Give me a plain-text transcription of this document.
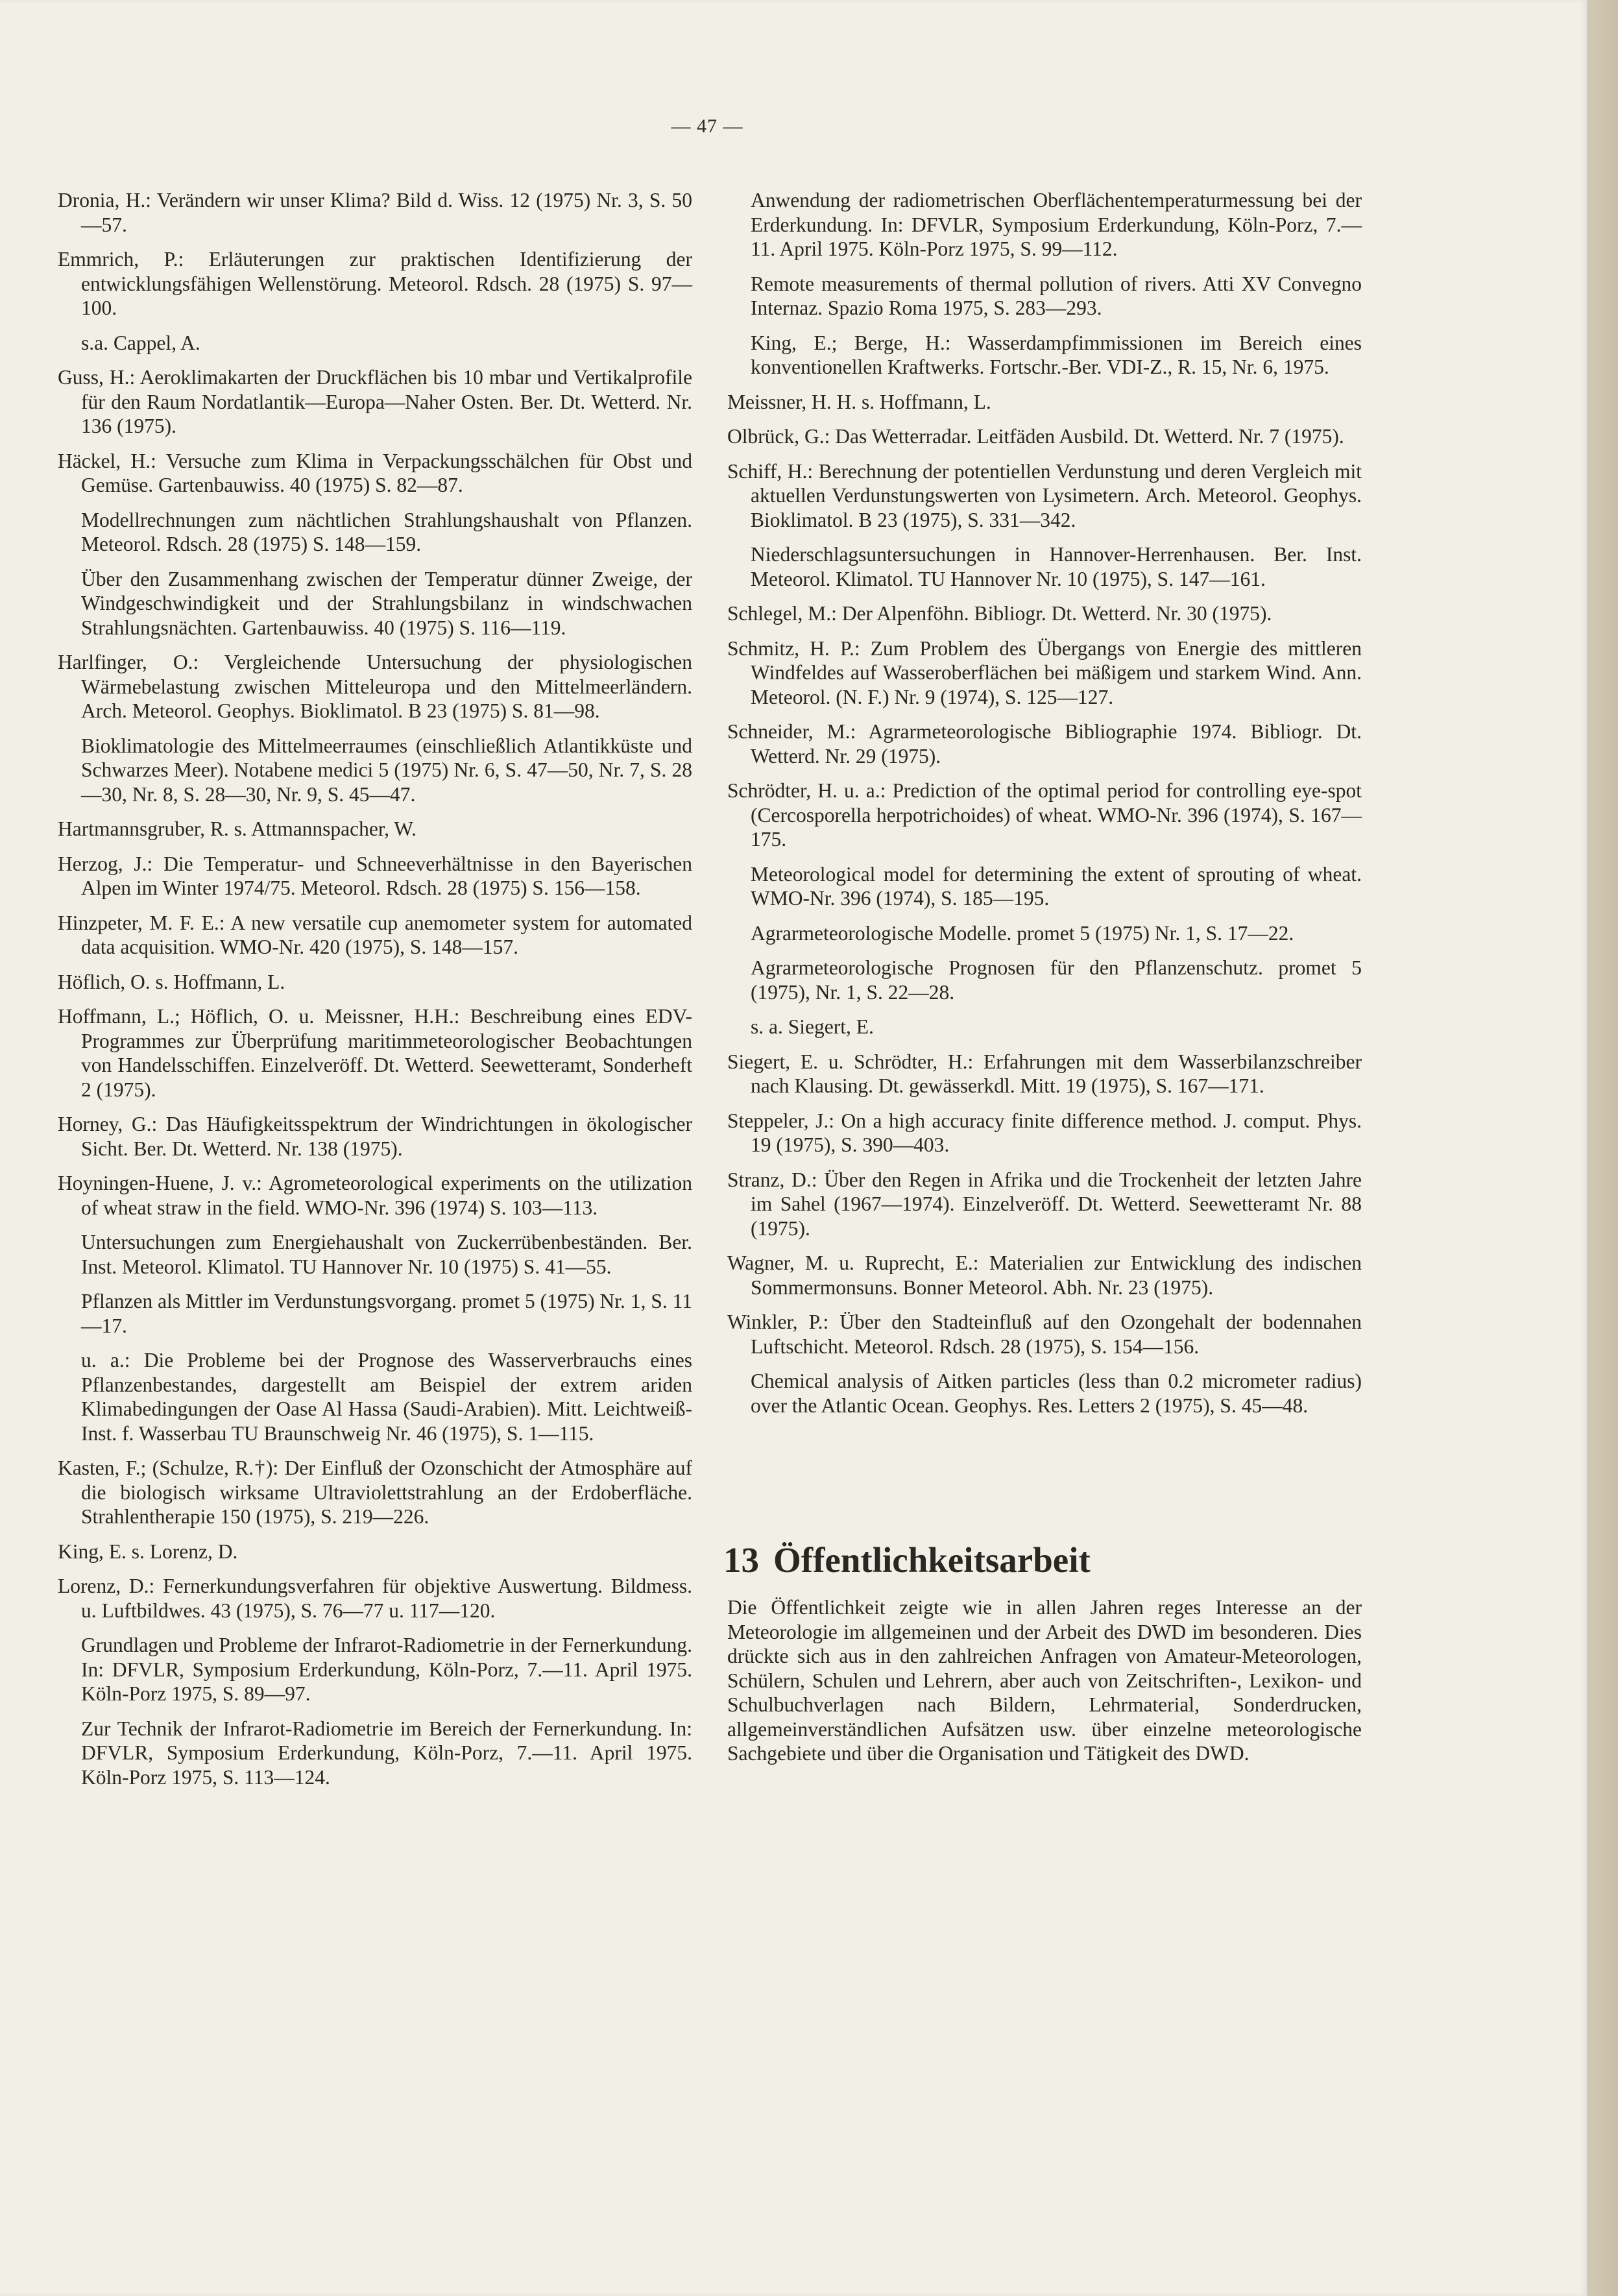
— 47 —

Dronia, H.: Verändern wir unser Klima? Bild d. Wiss. 12 (1975) Nr. 3, S. 50—57.

Emmrich, P.: Erläuterungen zur praktischen Identifizierung der entwicklungsfähigen Wellenstörung. Meteorol. Rdsch. 28 (1975) S. 97—100.

s.a. Cappel, A.

Guss, H.: Aeroklimakarten der Druckflächen bis 10 mbar und Vertikalprofile für den Raum Nordatlantik—Europa—Naher Osten. Ber. Dt. Wetterd. Nr. 136 (1975).

Häckel, H.: Versuche zum Klima in Verpackungsschälchen für Obst und Gemüse. Gartenbauwiss. 40 (1975) S. 82—87.

Modellrechnungen zum nächtlichen Strahlungshaushalt von Pflanzen. Meteorol. Rdsch. 28 (1975) S. 148—159.

Über den Zusammenhang zwischen der Temperatur dünner Zweige, der Windgeschwindigkeit und der Strahlungsbilanz in windschwachen Strahlungsnächten. Gartenbauwiss. 40 (1975) S. 116—119.

Harlfinger, O.: Vergleichende Untersuchung der physiologischen Wärmebelastung zwischen Mitteleuropa und den Mittelmeerländern. Arch. Meteorol. Geophys. Bioklimatol. B 23 (1975) S. 81—98.

Bioklimatologie des Mittelmeerraumes (einschließlich Atlantikküste und Schwarzes Meer). Notabene medici 5 (1975) Nr. 6, S. 47—50, Nr. 7, S. 28—30, Nr. 8, S. 28—30, Nr. 9, S. 45—47.

Hartmannsgruber, R. s. Attmannspacher, W.

Herzog, J.: Die Temperatur- und Schneeverhältnisse in den Bayerischen Alpen im Winter 1974/75. Meteorol. Rdsch. 28 (1975) S. 156—158.

Hinzpeter, M. F. E.: A new versatile cup anemometer system for automated data acquisition. WMO-Nr. 420 (1975), S. 148—157.

Höflich, O. s. Hoffmann, L.

Hoffmann, L.; Höflich, O. u. Meissner, H.H.: Beschreibung eines EDV-Programmes zur Überprüfung maritimmeteorologischer Beobachtungen von Handelsschiffen. Einzelveröff. Dt. Wetterd. Seewetteramt, Sonderheft 2 (1975).

Horney, G.: Das Häufigkeitsspektrum der Windrichtungen in ökologischer Sicht. Ber. Dt. Wetterd. Nr. 138 (1975).

Hoyningen-Huene, J. v.: Agrometeorological experiments on the utilization of wheat straw in the field. WMO-Nr. 396 (1974) S. 103—113.

Untersuchungen zum Energiehaushalt von Zuckerrübenbeständen. Ber. Inst. Meteorol. Klimatol. TU Hannover Nr. 10 (1975) S. 41—55.

Pflanzen als Mittler im Verdunstungsvorgang. promet 5 (1975) Nr. 1, S. 11—17.

u. a.: Die Probleme bei der Prognose des Wasserverbrauchs eines Pflanzenbestandes, dargestellt am Beispiel der extrem ariden Klimabedingungen der Oase Al Hassa (Saudi-Arabien). Mitt. Leichtweiß-Inst. f. Wasserbau TU Braunschweig Nr. 46 (1975), S. 1—115.

Kasten, F.; (Schulze, R.†): Der Einfluß der Ozonschicht der Atmosphäre auf die biologisch wirksame Ultraviolettstrahlung an der Erdoberfläche. Strahlentherapie 150 (1975), S. 219—226.

King, E. s. Lorenz, D.

Lorenz, D.: Fernerkundungsverfahren für objektive Auswertung. Bildmess. u. Luftbildwes. 43 (1975), S. 76—77 u. 117—120.

Grundlagen und Probleme der Infrarot-Radiometrie in der Fernerkundung. In: DFVLR, Symposium Erderkundung, Köln-Porz, 7.—11. April 1975. Köln-Porz 1975, S. 89—97.

Zur Technik der Infrarot-Radiometrie im Bereich der Fernerkundung. In: DFVLR, Symposium Erderkundung, Köln-Porz, 7.—11. April 1975. Köln-Porz 1975, S. 113—124.

Anwendung der radiometrischen Oberflächentemperaturmessung bei der Erderkundung. In: DFVLR, Symposium Erderkundung, Köln-Porz, 7.—11. April 1975. Köln-Porz 1975, S. 99—112.

Remote measurements of thermal pollution of rivers. Atti XV Convegno Internaz. Spazio Roma 1975, S. 283—293.

King, E.; Berge, H.: Wasserdampfimmissionen im Bereich eines konventionellen Kraftwerks. Fortschr.-Ber. VDI-Z., R. 15, Nr. 6, 1975.

Meissner, H. H. s. Hoffmann, L.

Olbrück, G.: Das Wetterradar. Leitfäden Ausbild. Dt. Wetterd. Nr. 7 (1975).

Schiff, H.: Berechnung der potentiellen Verdunstung und deren Vergleich mit aktuellen Verdunstungswerten von Lysimetern. Arch. Meteorol. Geophys. Bioklimatol. B 23 (1975), S. 331—342.

Niederschlagsuntersuchungen in Hannover-Herrenhausen. Ber. Inst. Meteorol. Klimatol. TU Hannover Nr. 10 (1975), S. 147—161.

Schlegel, M.: Der Alpenföhn. Bibliogr. Dt. Wetterd. Nr. 30 (1975).

Schmitz, H. P.: Zum Problem des Übergangs von Energie des mittleren Windfeldes auf Wasseroberflächen bei mäßigem und starkem Wind. Ann. Meteorol. (N. F.) Nr. 9 (1974), S. 125—127.

Schneider, M.: Agrarmeteorologische Bibliographie 1974. Bibliogr. Dt. Wetterd. Nr. 29 (1975).

Schrödter, H. u. a.: Prediction of the optimal period for controlling eye-spot (Cercosporella herpotrichoides) of wheat. WMO-Nr. 396 (1974), S. 167—175.

Meteorological model for determining the extent of sprouting of wheat. WMO-Nr. 396 (1974), S. 185—195.

Agrarmeteorologische Modelle. promet 5 (1975) Nr. 1, S. 17—22.

Agrarmeteorologische Prognosen für den Pflanzenschutz. promet 5 (1975), Nr. 1, S. 22—28.

s. a. Siegert, E.

Siegert, E. u. Schrödter, H.: Erfahrungen mit dem Wasserbilanzschreiber nach Klausing. Dt. gewässerkdl. Mitt. 19 (1975), S. 167—171.

Steppeler, J.: On a high accuracy finite difference method. J. comput. Phys. 19 (1975), S. 390—403.

Stranz, D.: Über den Regen in Afrika und die Trockenheit der letzten Jahre im Sahel (1967—1974). Einzelveröff. Dt. Wetterd. Seewetteramt Nr. 88 (1975).

Wagner, M. u. Ruprecht, E.: Materialien zur Entwicklung des indischen Sommermonsuns. Bonner Meteorol. Abh. Nr. 23 (1975).

Winkler, P.: Über den Stadteinfluß auf den Ozongehalt der bodennahen Luftschicht. Meteorol. Rdsch. 28 (1975), S. 154—156.

Chemical analysis of Aitken particles (less than 0.2 micrometer radius) over the Atlantic Ocean. Geophys. Res. Letters 2 (1975), S. 45—48.

13 Öffentlichkeitsarbeit

Die Öffentlichkeit zeigte wie in allen Jahren reges Interesse an der Meteorologie im allgemeinen und der Arbeit des DWD im besonderen. Dies drückte sich aus in den zahlreichen Anfragen von Amateur-Meteorologen, Schülern, Schulen und Lehrern, aber auch von Zeitschriften-, Lexikon- und Schulbuchverlagen nach Bildern, Lehrmaterial, Sonderdrucken, allgemeinverständlichen Aufsätzen usw. über einzelne meteorologische Sachgebiete und über die Organisation und Tätigkeit des DWD.
